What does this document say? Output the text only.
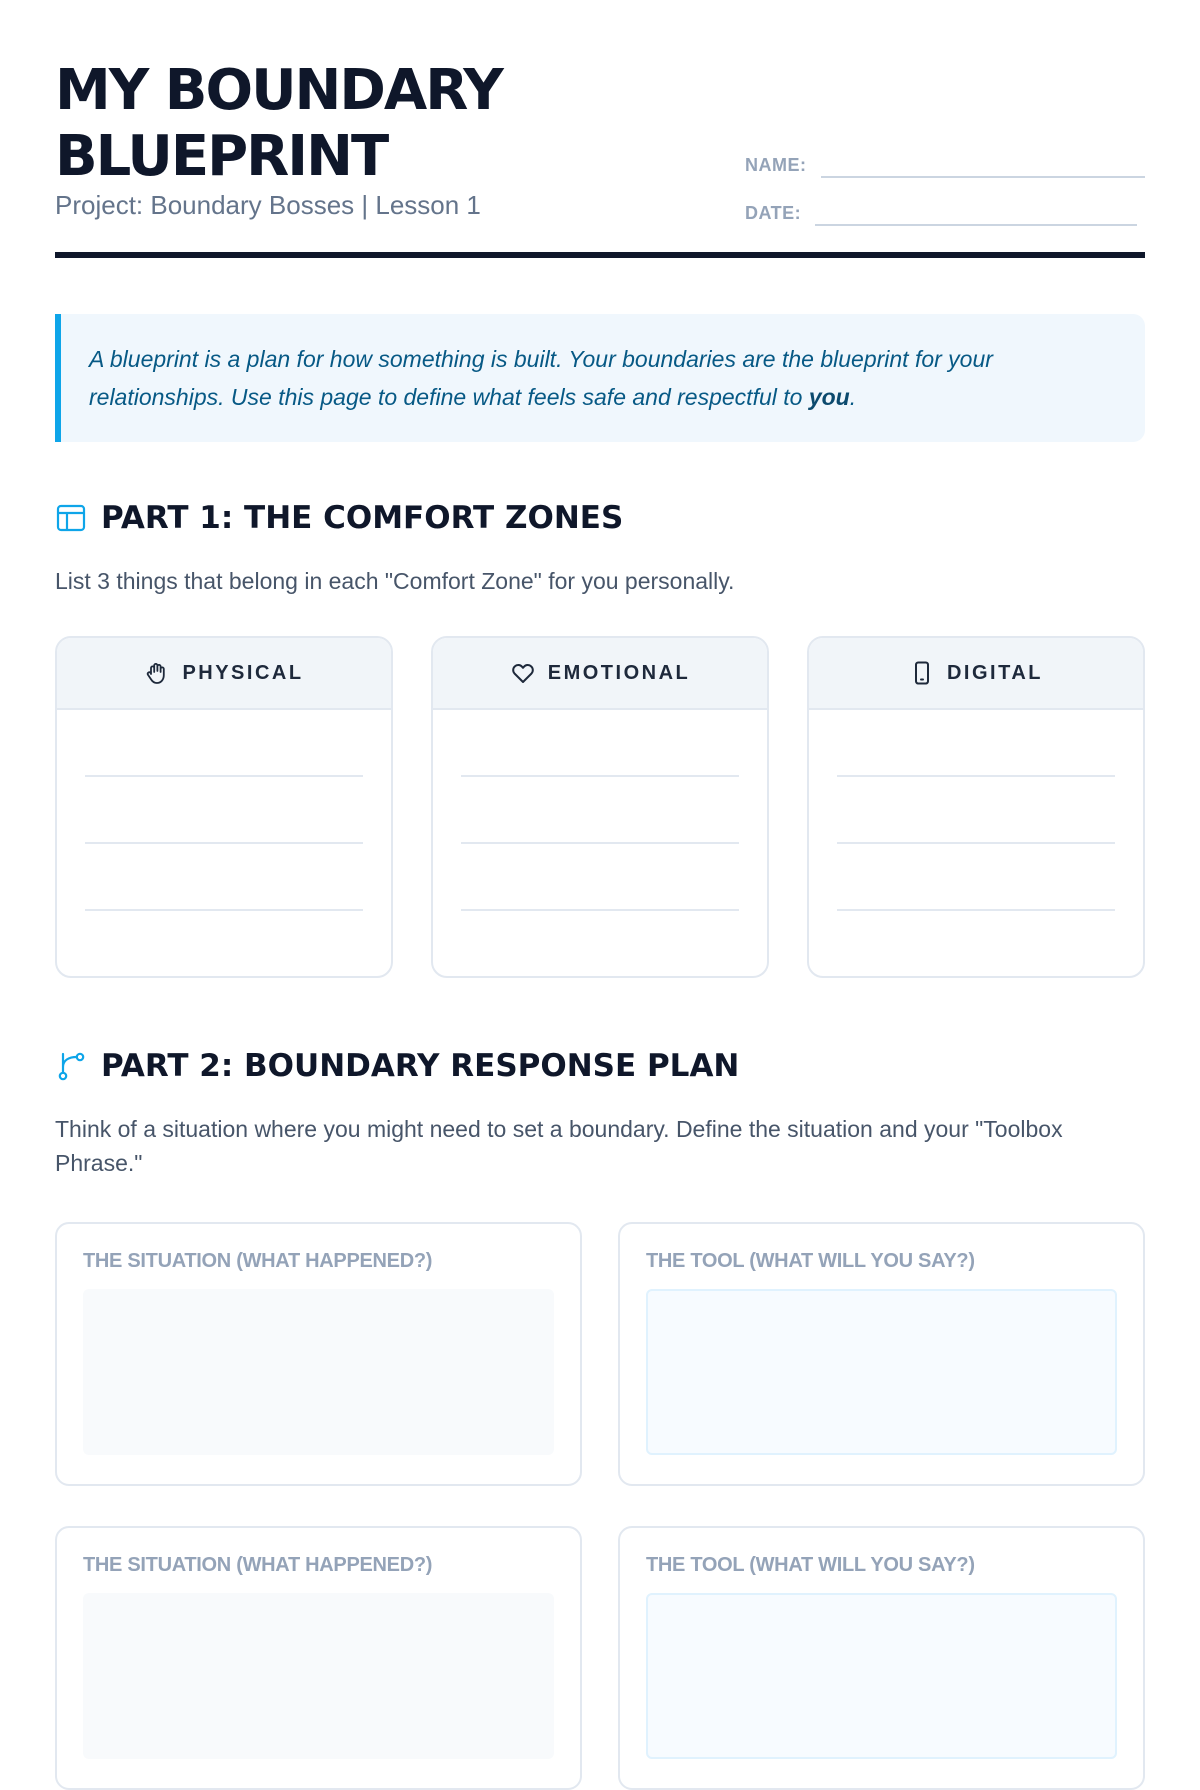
MY BOUNDARY BLUEPRINT
Project: Boundary Bosses | Lesson 1
NAME:
DATE:
A blueprint is a plan for how something is built. Your boundaries are the blueprint for your relationships. Use this page to define what feels safe and respectful to you.
PART 1: THE COMFORT ZONES
List 3 things that belong in each "Comfort Zone" for you personally.
PHYSICAL	EMOTIONAL	DIGITAL
PART 2: BOUNDARY RESPONSE PLAN
Think of a situation where you might need to set a boundary. Define the situation and your "Toolbox Phrase."
THE SITUATION (WHAT HAPPENED?)	THE TOOL (WHAT WILL YOU SAY?)
THE SITUATION (WHAT HAPPENED?)	THE TOOL (WHAT WILL YOU SAY?)
